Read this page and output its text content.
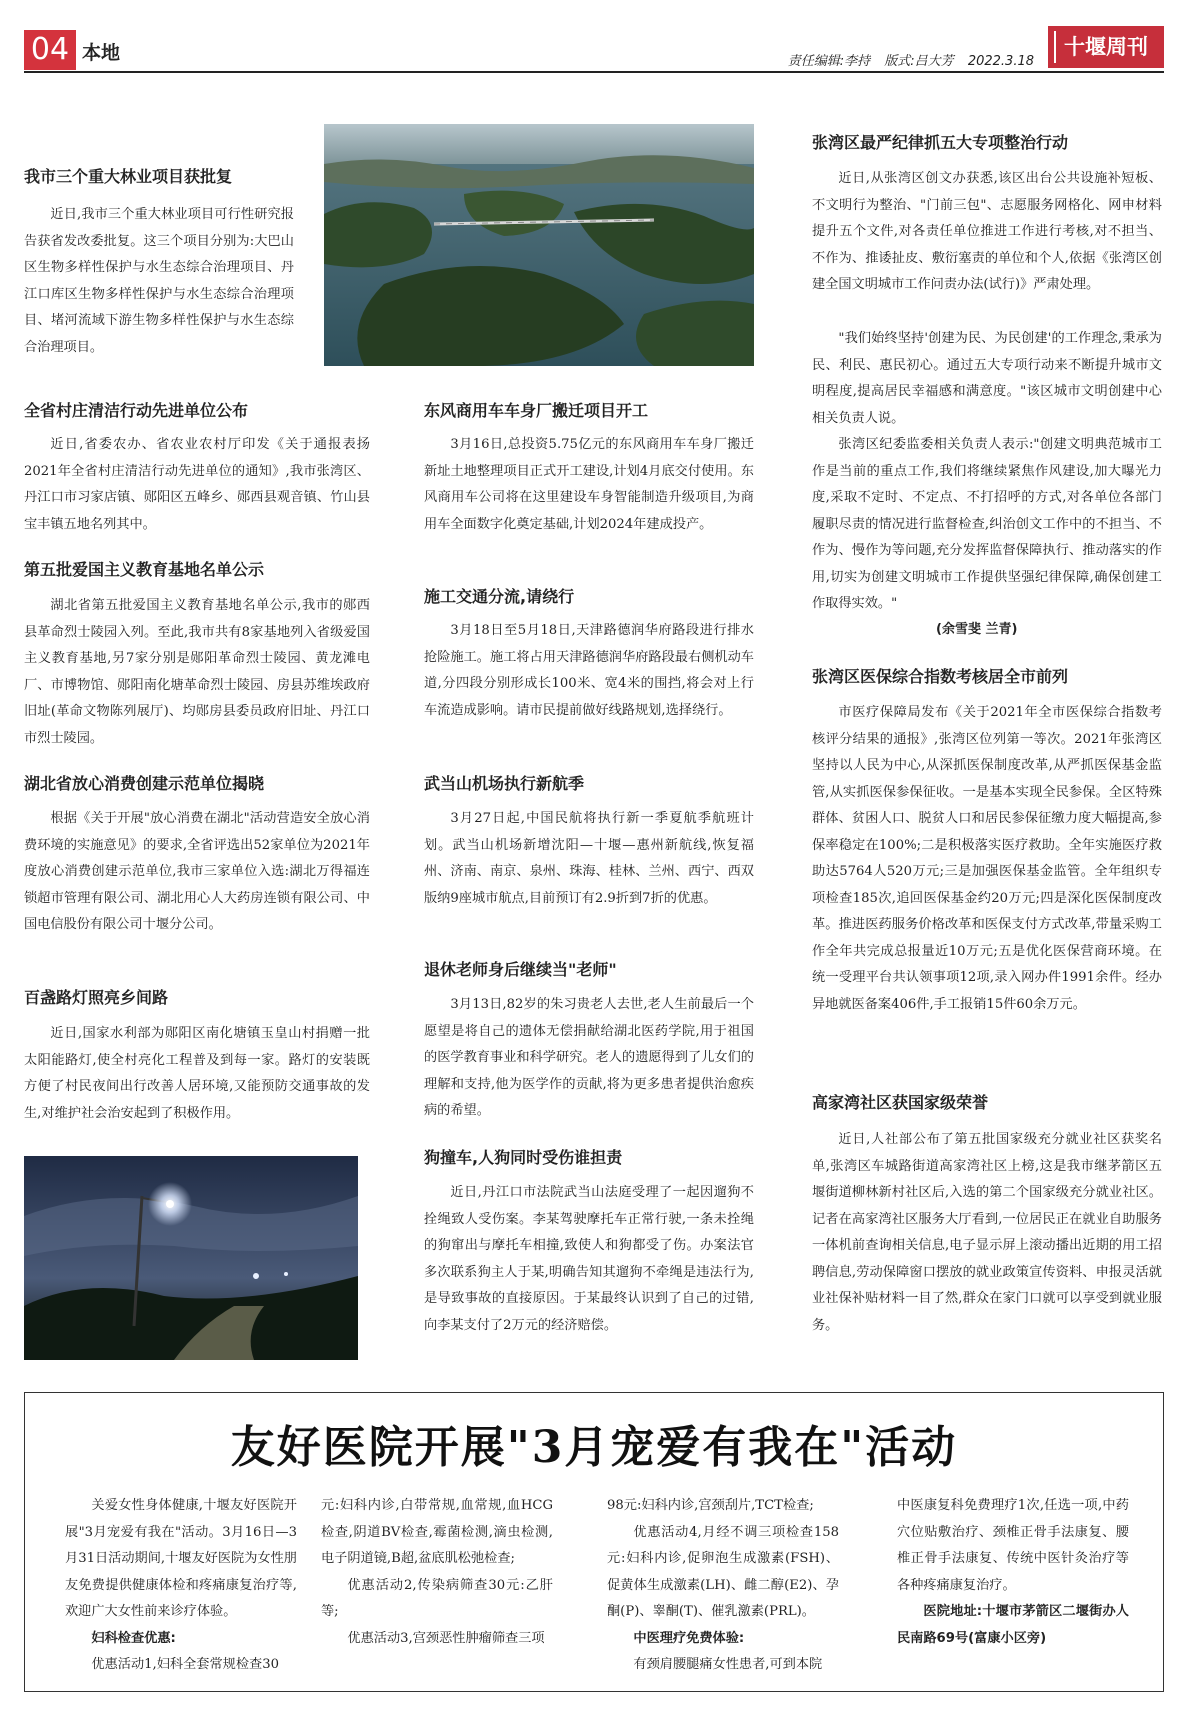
04 本地	责任编辑:李持 版式:吕大芳 2022.3.18
十堰周刊
我市三个重大林业项目获批复

近日,我市三个重大林业项目可行性研究报告获省发改委批复。这三个项目分别为:大巴山区生物多样性保护与水生态综合治理项目、丹江口库区生物多样性保护与水生态综合治理项目、堵河流域下游生物多样性保护与水生态综合治理项目。

全省村庄清洁行动先进单位公布

近日,省委农办、省农业农村厅印发《关于通报表扬2021年全省村庄清洁行动先进单位的通知》,我市张湾区、丹江口市习家店镇、郧阳区五峰乡、郧西县观音镇、竹山县宝丰镇五地名列其中。

第五批爱国主义教育基地名单公示

湖北省第五批爱国主义教育基地名单公示,我市的郧西县革命烈士陵园入列。至此,我市共有8家基地列入省级爱国主义教育基地,另7家分别是郧阳革命烈士陵园、黄龙滩电厂、市博物馆、郧阳南化塘革命烈士陵园、房县苏维埃政府旧址(革命文物陈列展厅)、均郧房县委员政府旧址、丹江口市烈士陵园。

湖北省放心消费创建示范单位揭晓

根据《关于开展"放心消费在湖北"活动营造安全放心消费环境的实施意见》的要求,全省评选出52家单位为2021年度放心消费创建示范单位,我市三家单位入选:湖北万得福连锁超市管理有限公司、湖北用心人大药房连锁有限公司、中国电信股份有限公司十堰分公司。

百盏路灯照亮乡间路

近日,国家水利部为郧阳区南化塘镇玉皇山村捐赠一批太阳能路灯,使全村亮化工程普及到每一家。路灯的安装既方便了村民夜间出行改善人居环境,又能预防交通事故的发生,对维护社会治安起到了积极作用。

东风商用车车身厂搬迁项目开工

3月16日,总投资5.75亿元的东风商用车车身厂搬迁新址土地整理项目正式开工建设,计划4月底交付使用。东风商用车公司将在这里建设车身智能制造升级项目,为商用车全面数字化奠定基础,计划2024年建成投产。

施工交通分流,请绕行

3月18日至5月18日,天津路德润华府路段进行排水抢险施工。施工将占用天津路德润华府路段最右侧机动车道,分四段分别形成长100米、宽4米的围挡,将会对上行车流造成影响。请市民提前做好线路规划,选择绕行。

武当山机场执行新航季

3月27日起,中国民航将执行新一季夏航季航班计划。武当山机场新增沈阳—十堰—惠州新航线,恢复福州、济南、南京、泉州、珠海、桂林、兰州、西宁、西双版纳9座城市航点,目前预订有2.9折到7折的优惠。

退休老师身后继续当"老师"

3月13日,82岁的朱习贵老人去世,老人生前最后一个愿望是将自己的遗体无偿捐献给湖北医药学院,用于祖国的医学教育事业和科学研究。老人的遗愿得到了儿女们的理解和支持,他为医学作的贡献,将为更多患者提供治愈疾病的希望。

狗撞车,人狗同时受伤谁担责

近日,丹江口市法院武当山法庭受理了一起因遛狗不拴绳致人受伤案。李某驾驶摩托车正常行驶,一条未拴绳的狗窜出与摩托车相撞,致使人和狗都受了伤。办案法官多次联系狗主人于某,明确告知其遛狗不牵绳是违法行为,是导致事故的直接原因。于某最终认识到了自己的过错,向李某支付了2万元的经济赔偿。

张湾区最严纪律抓五大专项整治行动

近日,从张湾区创文办获悉,该区出台公共设施补短板、不文明行为整治、"门前三包"、志愿服务网格化、网申材料提升五个文件,对各责任单位推进工作进行考核,对不担当、不作为、推诿扯皮、敷衍塞责的单位和个人,依据《张湾区创建全国文明城市工作问责办法(试行)》严肃处理。

"我们始终坚持'创建为民、为民创建'的工作理念,秉承为民、利民、惠民初心。通过五大专项行动来不断提升城市文明程度,提高居民幸福感和满意度。"该区城市文明创建中心相关负责人说。

张湾区纪委监委相关负责人表示:"创建文明典范城市工作是当前的重点工作,我们将继续紧焦作风建设,加大曝光力度,采取不定时、不定点、不打招呼的方式,对各单位各部门履职尽责的情况进行监督检查,纠治创文工作中的不担当、不作为、慢作为等问题,充分发挥监督保障执行、推动落实的作用,切实为创建文明城市工作提供坚强纪律保障,确保创建工作取得实效。"

(余雪斐 兰青)
张湾区医保综合指数考核居全市前列

市医疗保障局发布《关于2021年全市医保综合指数考核评分结果的通报》,张湾区位列第一等次。2021年张湾区坚持以人民为中心,从深抓医保制度改革,从严抓医保基金监管,从实抓医保参保征收。一是基本实现全民参保。全区特殊群体、贫困人口、脱贫人口和居民参保征缴力度大幅提高,参保率稳定在100%;二是积极落实医疗救助。全年实施医疗救助达5764人520万元;三是加强医保基金监管。全年组织专项检查185次,追回医保基金约20万元;四是深化医保制度改革。推进医药服务价格改革和医保支付方式改革,带量采购工作全年共完成总报量近10万元;五是优化医保营商环境。在统一受理平台共认领事项12项,录入网办件1991余件。经办异地就医备案406件,手工报销15件60余万元。

高家湾社区获国家级荣誉

近日,人社部公布了第五批国家级充分就业社区获奖名单,张湾区车城路街道高家湾社区上榜,这是我市继茅箭区五堰街道柳林新村社区后,入选的第二个国家级充分就业社区。记者在高家湾社区服务大厅看到,一位居民正在就业自助服务一体机前查询相关信息,电子显示屏上滚动播出近期的用工招聘信息,劳动保障窗口摆放的就业政策宣传资料、申报灵活就业社保补贴材料一目了然,群众在家门口就可以享受到就业服务。

友好医院开展"3月宠爱有我在"活动

关爱女性身体健康,十堰友好医院开展"3月宠爱有我在"活动。3月16日—3月31日活动期间,十堰友好医院为女性朋友免费提供健康体检和疼痛康复治疗等,欢迎广大女性前来诊疗体验。

妇科检查优惠:

优惠活动1,妇科全套常规检查30

元:妇科内诊,白带常规,血常规,血HCG检查,阴道BV检查,霉菌检测,滴虫检测,电子阴道镜,B超,盆底肌松弛检查;

优惠活动2,传染病筛查30元:乙肝等;

优惠活动3,宫颈恶性肿瘤筛查三项

98元:妇科内诊,宫颈刮片,TCT检查;

优惠活动4,月经不调三项检查158元:妇科内诊,促卵泡生成激素(FSH)、促黄体生成激素(LH)、雌二醇(E2)、孕酮(P)、睾酮(T)、催乳激素(PRL)。

中医理疗免费体验:

有颈肩腰腿痛女性患者,可到本院

中医康复科免费理疗1次,任选一项,中药穴位贴敷治疗、颈椎正骨手法康复、腰椎正骨手法康复、传统中医针灸治疗等各种疼痛康复治疗。

医院地址:十堰市茅箭区二堰街办人民南路69号(富康小区旁)
